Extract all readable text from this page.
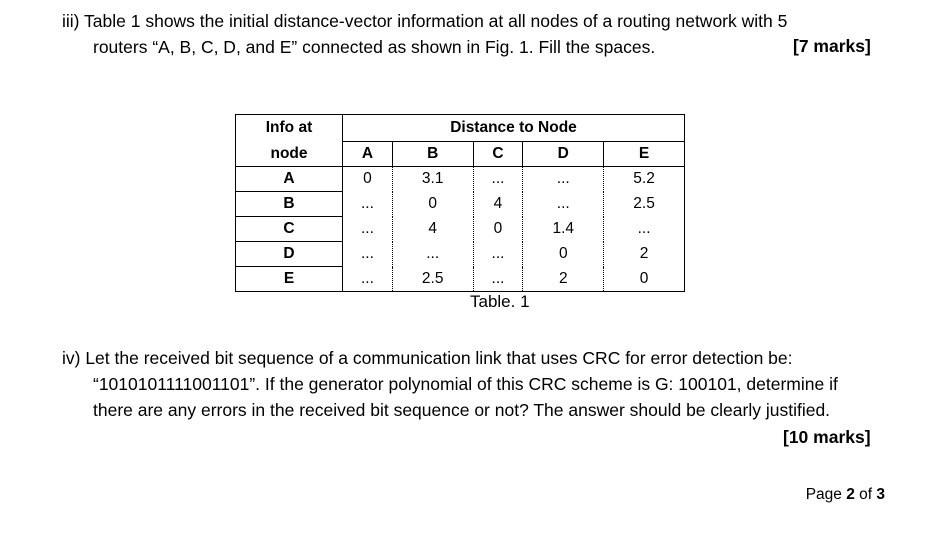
iii) Table 1 shows the initial distance-vector information at all nodes of a routing network with 5
routers “A, B, C, D, and E” connected as shown in Fig. 1. Fill the spaces.	[7 marks]
Info at	Distance to Node				
node	A	B	C	D	E
A	0	3.1	...	...	5.2
B	...	0	4	...	2.5
C	...	4	0	1.4	...
D	...	...	...	0	2
E	...	2.5	...	2	0
Table. 1
iv) Let the received bit sequence of a communication link that uses CRC for error detection be:
“1010101111001101”. If the generator polynomial of this CRC scheme is G: 100101, determine if
there are any errors in the received bit sequence or not? The answer should be clearly justified.
[10 marks]
Page 2 of 3
